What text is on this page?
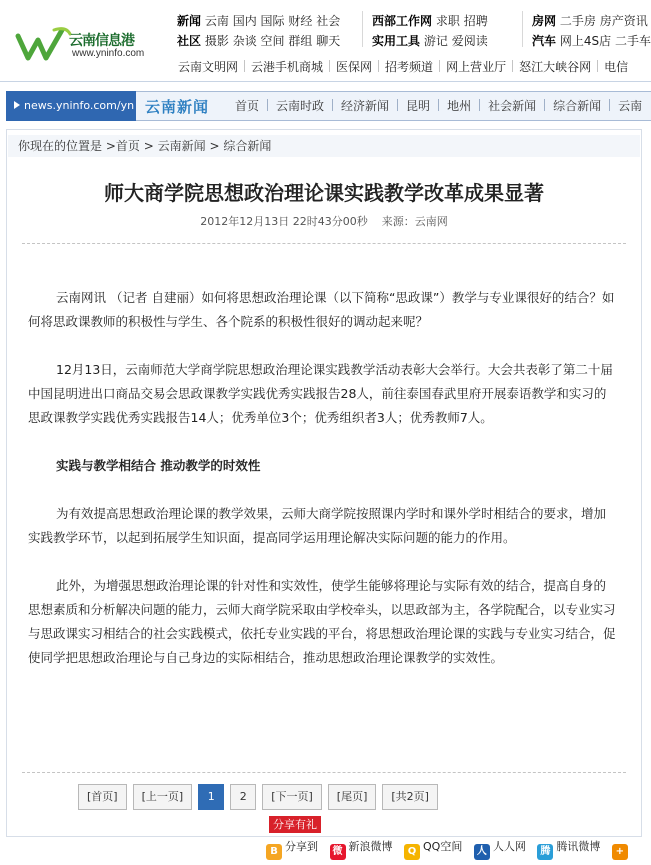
云南信息港
www.yninfo.com
新闻 云南 国内 国际 财经 社会
社区 摄影 杂谈 空间 群组 聊天
西部工作网 求职 招聘
实用工具 游记 爱阅读
房网 二手房 房产资讯
汽车 网上4S店 二手车
云南文明网 云港手机商城 医保网 招考频道 网上营业厅 怒江大峡谷网 电信
news.yninfo.com/yn 云南新闻	首页 云南时政 经济新闻 昆明 地州 社会新闻 综合新闻 云南
你现在的位置是 >首页 > 云南新闻 > 综合新闻
师大商学院思想政治理论课实践教学改革成果显著
2012年12月13日 22时43分00秒 来源：云南网

云南网讯 （记者 自建丽）如何将思想政治理论课（以下简称“思政课”）教学与专业课很好的结合？如何将思政课教师的积极性与学生、各个院系的积极性很好的调动起来呢？

12月13日，云南师范大学商学院思想政治理论课实践教学活动表彰大会举行。大会共表彰了第二十届中国昆明进出口商品交易会思政课教学实践优秀实践报告28人，前往泰国春武里府开展泰语教学和实习的思政课教学实践优秀实践报告14人；优秀单位3个；优秀组织者3人；优秀教师7人。

实践与教学相结合 推动教学的时效性

为有效提高思想政治理论课的教学效果，云师大商学院按照课内学时和课外学时相结合的要求，增加实践教学环节，以起到拓展学生知识面，提高同学运用理论解决实际问题的能力的作用。

此外，为增强思想政治理论课的针对性和实效性，使学生能够将理论与实际有效的结合，提高自身的思想素质和分析解决问题的能力，云师大商学院采取由学校牵头，以思政部为主，各学院配合，以专业实习与思政课实习相结合的社会实践模式，依托专业实践的平台，将思想政治理论课的实践与专业实习结合，促使同学把思想政治理论与自己身边的实际相结合，推动思想政治理论课教学的实效性。

[首页] [上一页] 1 2 [下一页] [尾页] [共2页]
分享有礼
B 分享到 微 新浪微博 Q QQ空间 人 人人网 腾 腾讯微博 +
